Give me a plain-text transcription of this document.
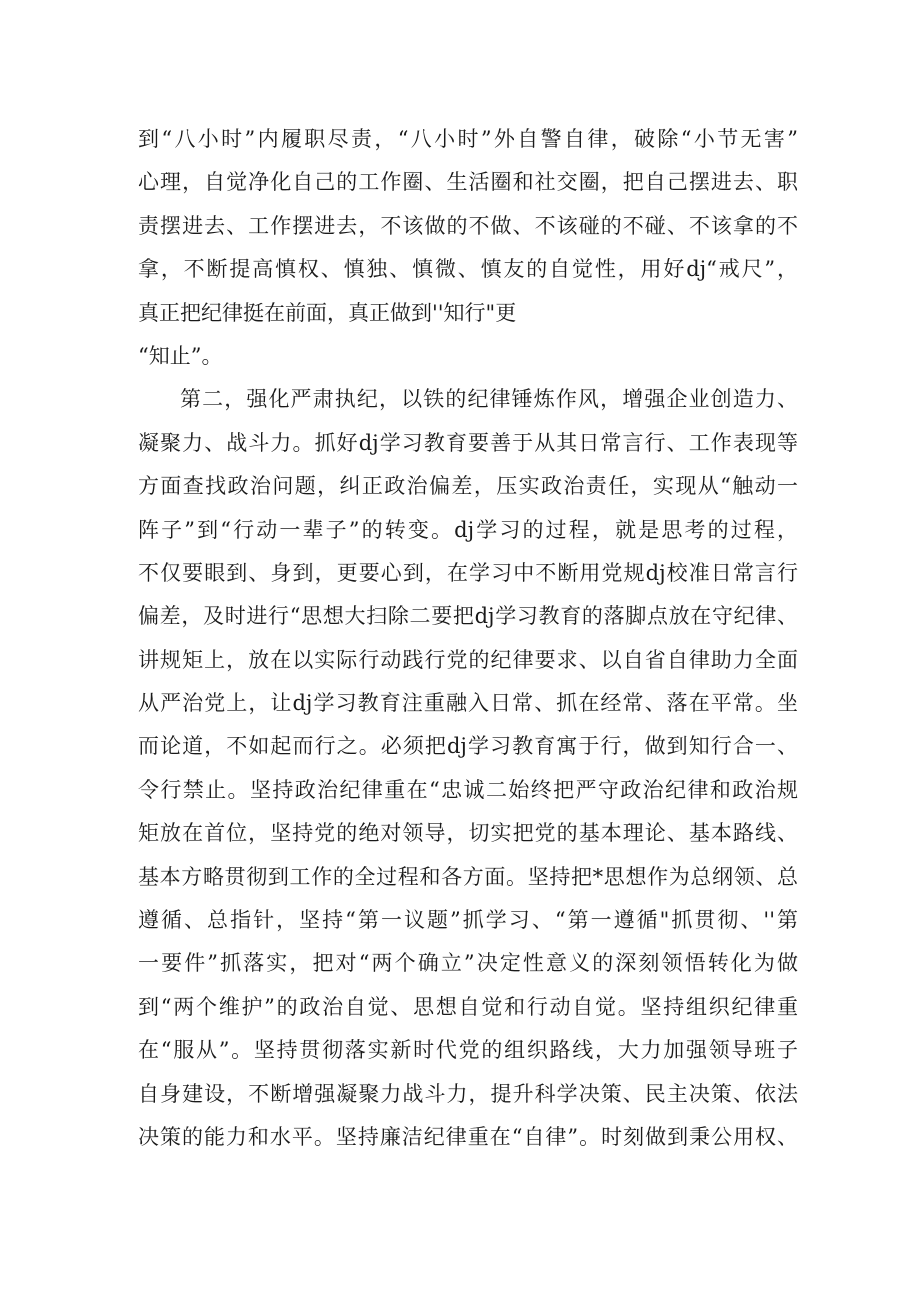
到“八小时”内履职尽责，“八小时”外自警自律，破除“小节无害”
心理，自觉净化自己的工作圈、生活圈和社交圈，把自己摆进去、职
责摆进去、工作摆进去，不该做的不做、不该碰的不碰、不该拿的不
拿，不断提高慎权、慎独、慎微、慎友的自觉性，用好dj“戒尺”，
真正把纪律挺在前面，真正做到''知行"更
“知止”。
第二，强化严肃执纪，以铁的纪律锤炼作风，增强企业创造力、
凝聚力、战斗力。抓好dj学习教育要善于从其日常言行、工作表现等
方面查找政治问题，纠正政治偏差，压实政治责任，实现从“触动一
阵子”到“行动一辈子”的转变。dj学习的过程，就是思考的过程，
不仅要眼到、身到，更要心到，在学习中不断用党规dj校准日常言行
偏差，及时进行“思想大扫除二要把dj学习教育的落脚点放在守纪律、
讲规矩上，放在以实际行动践行党的纪律要求、以自省自律助力全面
从严治党上，让dj学习教育注重融入日常、抓在经常、落在平常。坐
而论道，不如起而行之。必须把dj学习教育寓于行，做到知行合一、
令行禁止。坚持政治纪律重在“忠诚二始终把严守政治纪律和政治规
矩放在首位，坚持党的绝对领导，切实把党的基本理论、基本路线、
基本方略贯彻到工作的全过程和各方面。坚持把*思想作为总纲领、总
遵循、总指针，坚持“第一议题”抓学习、“第一遵循"抓贯彻、''第
一要件”抓落实，把对“两个确立”决定性意义的深刻领悟转化为做
到“两个维护”的政治自觉、思想自觉和行动自觉。坚持组织纪律重
在“服从”。坚持贯彻落实新时代党的组织路线，大力加强领导班子
自身建设，不断增强凝聚力战斗力，提升科学决策、民主决策、依法
决策的能力和水平。坚持廉洁纪律重在“自律”。时刻做到秉公用权、
